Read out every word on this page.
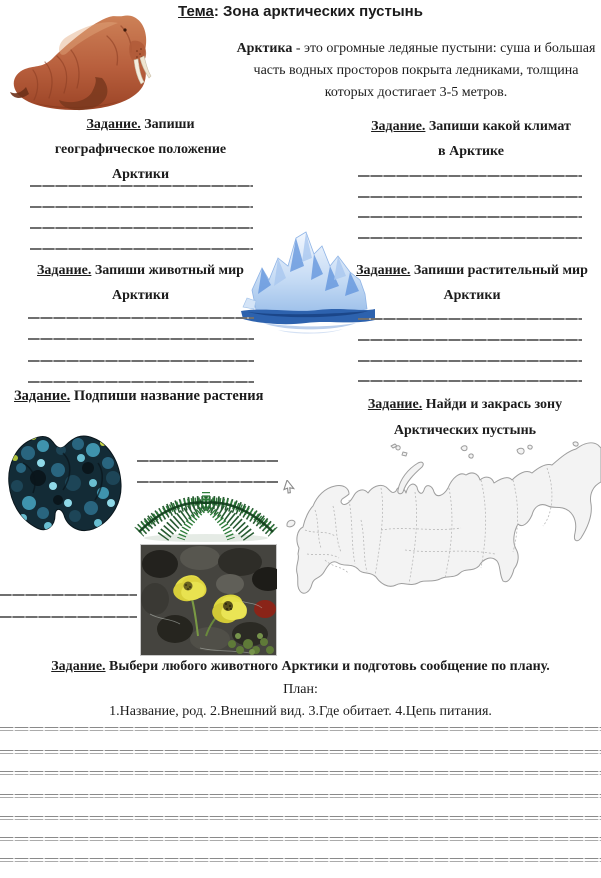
Тема: Зона арктических пустынь
Арктика - это огромные ледяные пустыни: суша и большая часть водных просторов покрыта ледниками, толщина которых достигает 3-5 метров.
Задание. Запиши географическое положение Арктики
Задание. Запиши какой климат в Арктике
Задание. Запиши животный мир Арктики
Задание. Запиши растительный мир Арктики
Задание. Подпиши название растения
Задание. Найди и закрась зону Арктических пустынь
Задание. Выбери любого животного Арктики и подготовь сообщение по плану.
План:
1.Название, род. 2.Внешний вид. 3.Где обитает. 4.Цепь питания.
